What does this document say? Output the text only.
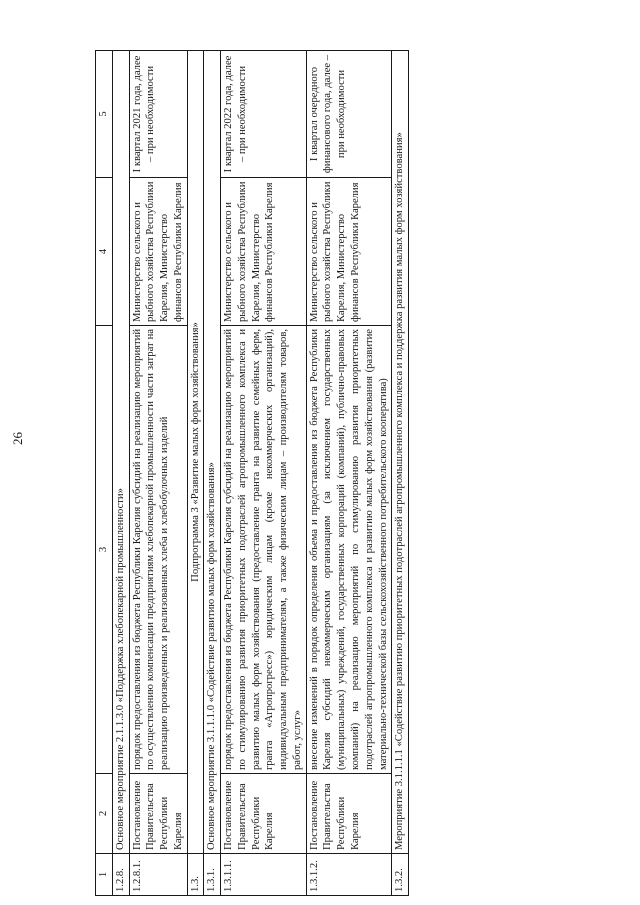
26
1	2	3	4	5
1.2.8.	Основное мероприятие 2.1.1.3.0 «Поддержка хлебопекарной промышленности»			
1.2.8.1.	Постановление Правительства Республики Карелия	порядок предоставления из бюджета Республики Карелия субсидий на реализацию мероприятий по осуществлению компенсации предприятиям хлебопекарной промышленности части затрат на реализацию произведенных и реализованных хлеба и хлебобулочных изделий	Министерство сельского и рыбного хозяйства Республики Карелия, Министерство финансов Республики Карелия	I квартал 2021 года, далее – при необходимости
1.3.	Подпрограмма 3 «Развитие малых форм хозяйствования»			
1.3.1.	Основное мероприятие 3.1.1.1.0 «Содействие развитию малых форм хозяйствования»			
1.3.1.1.	Постановление Правительства Республики Карелия	порядок предоставления из бюджета Республики Карелия субсидий на реализацию мероприятий по стимулированию развития приоритетных подотраслей агропромышленного комплекса и развитию малых форм хозяйствования (предоставление гранта на развитие семейных ферм, гранта «Агропрогресс») юридическим лицам (кроме некоммерческих организаций), индивидуальным предпринимателям, а также физическим лицам – производителям товаров, работ, услуг»	Министерство сельского и рыбного хозяйства Республики Карелия, Министерство финансов Республики Карелия	I квартал 2022 года, далее – при необходимости
1.3.1.2.	Постановление Правительства Республики Карелия	внесение изменений в порядок определения объема и предоставления из бюджета Республики Карелия субсидий некоммерческим организациям (за исключением государственных (муниципальных) учреждений, государственных корпораций (компаний), публично-правовых компаний) на реализацию мероприятий по стимулированию развития приоритетных подотраслей агропромышленного комплекса и развитию малых форм хозяйствования (развитие материально-технической базы сельскохозяйственного потребительского кооператива)	Министерство сельского и рыбного хозяйства Республики Карелия, Министерство финансов Республики Карелия	I квартал очередного финансового года, далее – при необходимости
1.3.2.	Мероприятие 3.1.1.1.1 «Содействие развитию приоритетных подотраслей агропромышленного комплекса и поддержка развития малых форм хозяйствования»			
